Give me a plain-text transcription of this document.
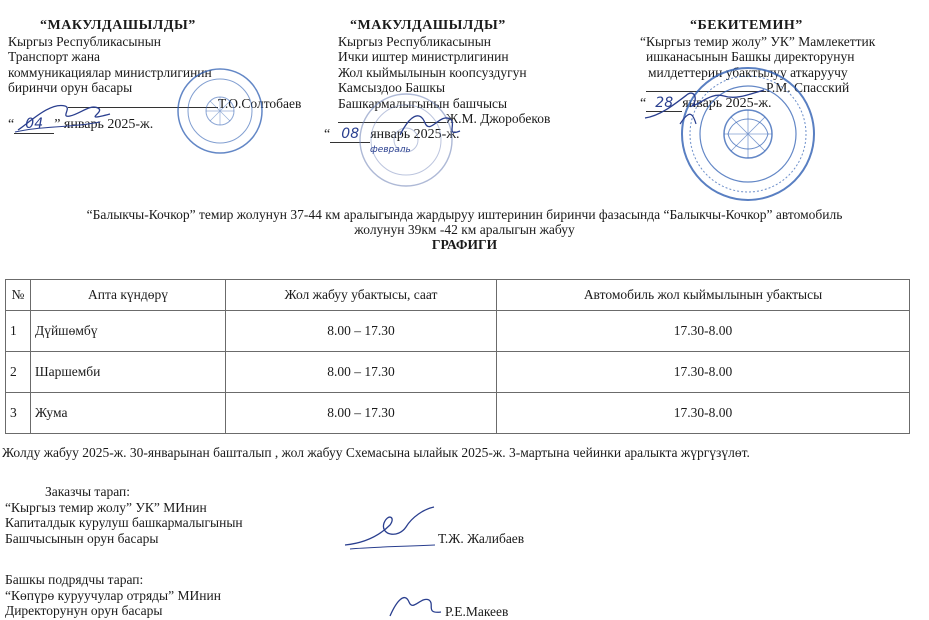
“МАКУЛДАШЫЛДЫ”
Кыргыз Республикасынын
Транспорт жана
коммуникациялар министрлигинин
биринчи орун басары
Т.О.Солтобаев
“ 04 ” январь 2025-ж.
“МАКУЛДАШЫЛДЫ”
Кыргыз Республикасынын
Ички иштер министрлигинин
Жол кыймылынын коопсуздугун
Камсыздоо Башкы
Башкармалыгынын башчысы
Ж.М. Джоробеков
“ 08 январь 2025-ж.
февраль
“БЕКИТЕМИН”
“Кыргыз темир жолу” УК” Мамлекеттик
ишканасынын Башкы директорунун
милдеттерин убактылуу аткаруучу
Р.М. Спасский
“ 28 январь 2025-ж.
“Балыкчы-Кочкор” темир жолунун 37-44 км аралыгында жардыруу иштеринин биринчи фазасында “Балыкчы-Кочкор” автомобиль
жолунун 39км -42 км аралыгын жабуу
ГРАФИГИ
№	Апта күндөрү	Жол жабуу убактысы, саат	Автомобиль жол кыймылынын убактысы
1	Дүйшөмбү	8.00 – 17.30	17.30-8.00
2	Шаршемби	8.00 – 17.30	17.30-8.00
3	Жума	8.00 – 17.30	17.30-8.00
Жолду жабуу 2025-ж. 30-январынан башталып , жол жабуу Схемасына ылайык 2025-ж. 3-мартына чейинки аралыкта жүргүзүлөт.
Заказчы тарап:
“Кыргыз темир жолу” УК” МИнин
Капиталдык курулуш башкармалыгынын
Башчысынын орун басары	Т.Ж. Жалибаев
Башкы подрядчы тарап:
“Көпүрө куруучулар отряды” МИнин
Директорунун орун басары	Р.Е.Макеев
